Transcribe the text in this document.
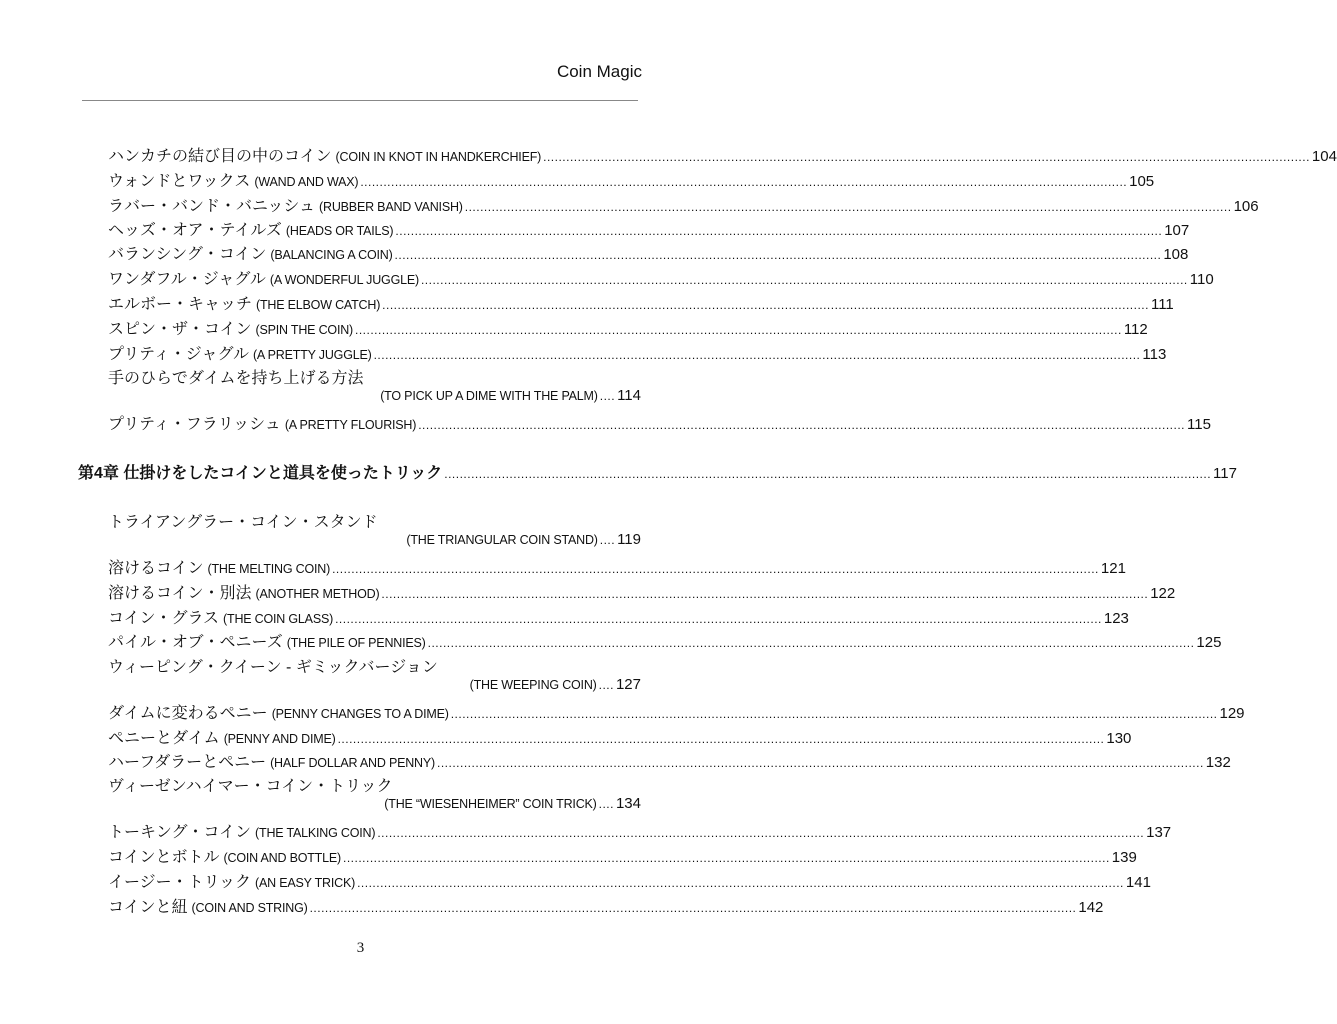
Coin Magic
ハンカチの結び目の中のコイン (COIN IN KNOT IN HANDKERCHIEF) ........................................................................................................................................................................................................ 104
ウォンドとワックス (WAND AND WAX) ........................................................................................................................................................................................................ 105
ラバー・バンド・バニッシュ (RUBBER BAND VANISH) ........................................................................................................................................................................................................ 106
ヘッズ・オア・テイルズ (HEADS OR TAILS) ........................................................................................................................................................................................................ 107
バランシング・コイン (BALANCING A COIN) ........................................................................................................................................................................................................ 108
ワンダフル・ジャグル (A WONDERFUL JUGGLE) ........................................................................................................................................................................................................ 110
エルボー・キャッチ (THE ELBOW CATCH) ........................................................................................................................................................................................................ 111
スピン・ザ・コイン (SPIN THE COIN) ........................................................................................................................................................................................................ 112
プリティ・ジャグル (A PRETTY JUGGLE) ........................................................................................................................................................................................................ 113
手のひらでダイムを持ち上げる方法
(TO PICK UP A DIME WITH THE PALM) .... 114
プリティ・フラリッシュ (A PRETTY FLOURISH) ........................................................................................................................................................................................................ 115
第4章 仕掛けをしたコインと道具を使ったトリック ........................................................................................................................................................................................................ 117
トライアングラー・コイン・スタンド
(THE TRIANGULAR COIN STAND) .... 119
溶けるコイン (THE MELTING COIN) ........................................................................................................................................................................................................ 121
溶けるコイン・別法 (ANOTHER METHOD) ........................................................................................................................................................................................................ 122
コイン・グラス (THE COIN GLASS) ........................................................................................................................................................................................................ 123
パイル・オブ・ペニーズ (THE PILE OF PENNIES) ........................................................................................................................................................................................................ 125
ウィーピング・クイーン - ギミックバージョン
(THE WEEPING COIN) .... 127
ダイムに変わるペニー (PENNY CHANGES TO A DIME) ........................................................................................................................................................................................................ 129
ペニーとダイム (PENNY AND DIME) ........................................................................................................................................................................................................ 130
ハーフダラーとペニー (HALF DOLLAR AND PENNY) ........................................................................................................................................................................................................ 132
ヴィーゼンハイマー・コイン・トリック
(THE “WIESENHEIMER” COIN TRICK) .... 134
トーキング・コイン (THE TALKING COIN) ........................................................................................................................................................................................................ 137
コインとボトル (COIN AND BOTTLE) ........................................................................................................................................................................................................ 139
イージー・トリック (AN EASY TRICK) ........................................................................................................................................................................................................ 141
コインと紐 (COIN AND STRING) ........................................................................................................................................................................................................ 142
3
